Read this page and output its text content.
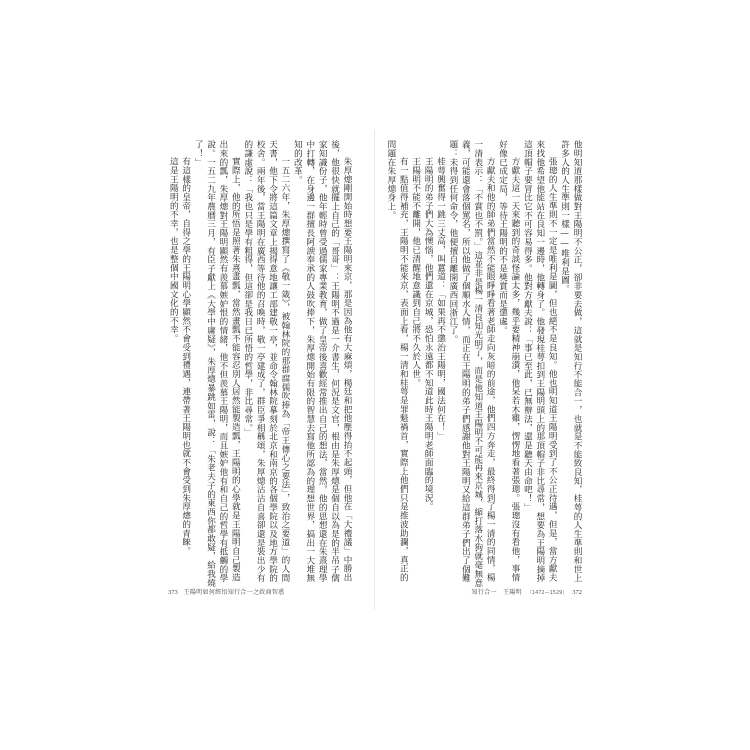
朱厚熜剛開始時想要王陽明來京，那是因為他有大麻煩，楊廷和把他壓得抬不起頭，但他在「大禮議」中勝出後，他很快就擺上自己的「哥哥」：王陽明不過是一介書生，何況是文官，根由是朱厚熜是個自以為是的半吊子儒家知識份子，他年輕時曾受過儒家專業教育，做了皇帝後喜歡經常推出自己的想法，當然，他的思想還在朱熹理學中打轉，在身邊一群擅長阿諛奉承的人鼓吹捧下，朱厚熜開始有限的智慧去寫他所認為的理想世界，搞出一大堆無知的改革。

一五二六年，朱厚熜撰寫了《敬一箴》，被翰林院的那群腐儒吹捧為「帝王傳心之要法」，致治之要道」的人間天書，他下令將這篇文章上揭得意地讓工部建敬一亭，並命令翰林院摹刻於北京和南京的各個學院以及地方學院的校舍。兩年後，當王陽明在廣西等待他的召喚時，敬一亭建成了，群臣爭相稱頌，朱厚熜沾沾自喜卻還是裝出少有的謙虛說：「我也只是學有粗得，但這卻是我日已所悟的哲學，非比尋常。」

實際上，他的所悟是照著朱熹畫瓢，當然畫瓢不能容忍別人居然能製造瓢，王陽明的心學就是王陽明自己製造出來的瓢，朱厚熜對王陽明顯然有羨慕嫉妒恨的情緒，他不但羨慕王陽明，而且嫉妒他有和自己的哲學有抵觸的學說。一五二九年農曆三月，有臣子獻上《大學中庸疑》，朱厚熜暴跳如雷，說：「朱老夫子的東西你都敢疑，給我燒了！」

有這樣的皇帝，自得之學的王陽明心學顯然不會受到禮遇，連帶著王陽明也就不會受到朱厚熜的青睞。

這是王陽明的不幸，也是整個中國文化的不幸。

373 王陽明如何經悟知行合一之政商智惑

他明知道那樣做對王陽明不公正，卻非要去做，這就是知行不能合一，也就是不能致良知，桂萼的人生準則和世上許多人的人生準則一樣——唯利是圖。

張璁的人生準則不一定是唯利是圖，但也絕不是良知。他也明知道王陽明受到了不公正待遇，但是，當方獻夫來找他希望他能站在良知一邊時，他轉身了。他發現桂萼扣到王陽明頭上的那頂帽子非比尋常，想要為王陽明摘掉這頂帽子要冒比它不可容易得多。他對方獻夫說：「事已至此，已無辦法，還是聽天由命吧！」

方獻夫這一天來聽到的奇談怪論太多，幾乎要精神崩潰，他呆若木雞，愣愣地看著張璁。張璁沒有看他，事情好像已成定局，等待王陽明的不是獎賞而是懲處。

方獻夫和他的師弟們當然不能眼睜睜看著老師走向灰暗的前途，他們四方奔走，最終得到了楊一清的同情，楊一清表示：「不賞也不罰。」這並非是楊一清良知光明了，而是他知道王陽明不可能再來京城，縮打落水狗就毫無意義，可能還會落個罵名，所以他做了個順水人情，而正在王陽明的弟子們感謝他對王陽明又給這群弟子們出了個難題：未得到任何命令，他便擅自離開廣西回浙江了。

桂萼興奮得一跳三丈高，叫囂道：「如果再不懲治王陽明，國法何在！」

王陽明的弟子們大為懊惱，他們還在京城，恐怕永遠都不知道此時王陽明老師面臨的境況。

王陽明不能不離開，他已清醒地意識到自己將不久於人世。

有一點值得補充，王陽明不能來京，表面上看，楊一清和桂萼是罪魁禍首，實際上他們只是推波助瀾，真正的問題在朱厚熜身上。

知行合一　王陽明 （1472—1529） 372
